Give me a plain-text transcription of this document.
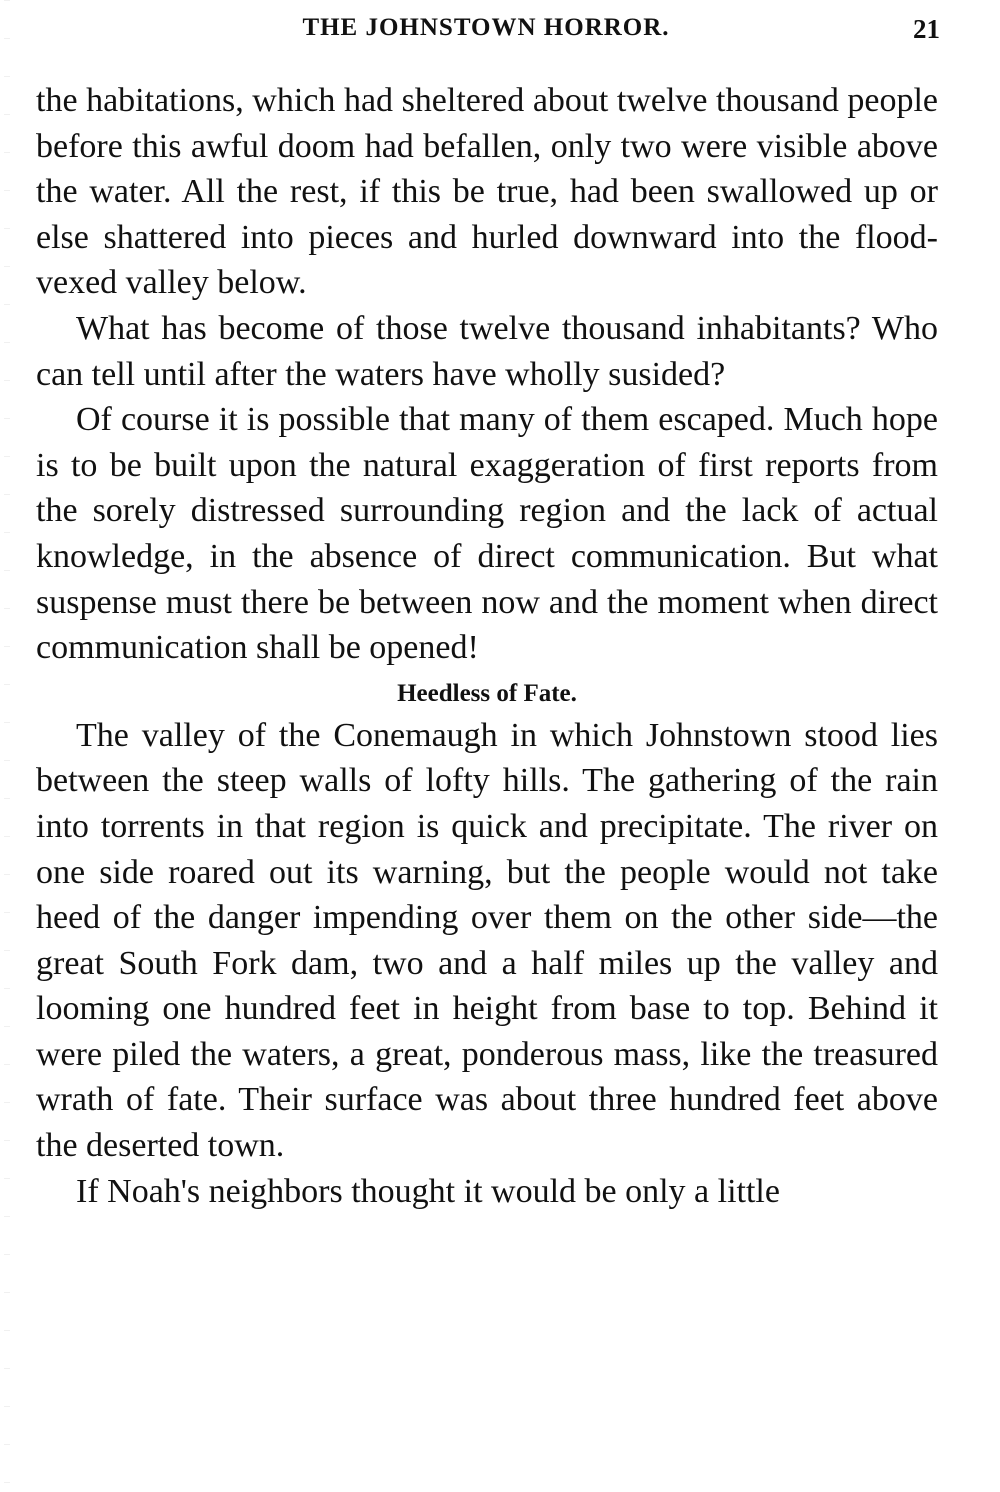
THE JOHNSTOWN HORROR.	21

the habitations, which had sheltered about twelve thousand people before this awful doom had befallen, only two were visible above the water. All the rest, if this be true, had been swallowed up or else shattered into pieces and hurled downward into the flood-vexed valley below.

What has become of those twelve thousand inhabitants? Who can tell until after the waters have wholly susided?

Of course it is possible that many of them escaped. Much hope is to be built upon the natural exaggeration of first reports from the sorely distressed surrounding region and the lack of actual knowledge, in the absence of direct communication. But what suspense must there be between now and the moment when direct communication shall be opened!

Heedless of Fate.

The valley of the Conemaugh in which Johnstown stood lies between the steep walls of lofty hills. The gathering of the rain into torrents in that region is quick and precipitate. The river on one side roared out its warning, but the people would not take heed of the danger impending over them on the other side—the great South Fork dam, two and a half miles up the valley and looming one hundred feet in height from base to top. Behind it were piled the waters, a great, ponderous mass, like the treasured wrath of fate. Their surface was about three hundred feet above the deserted town.

If Noah's neighbors thought it would be only a little
